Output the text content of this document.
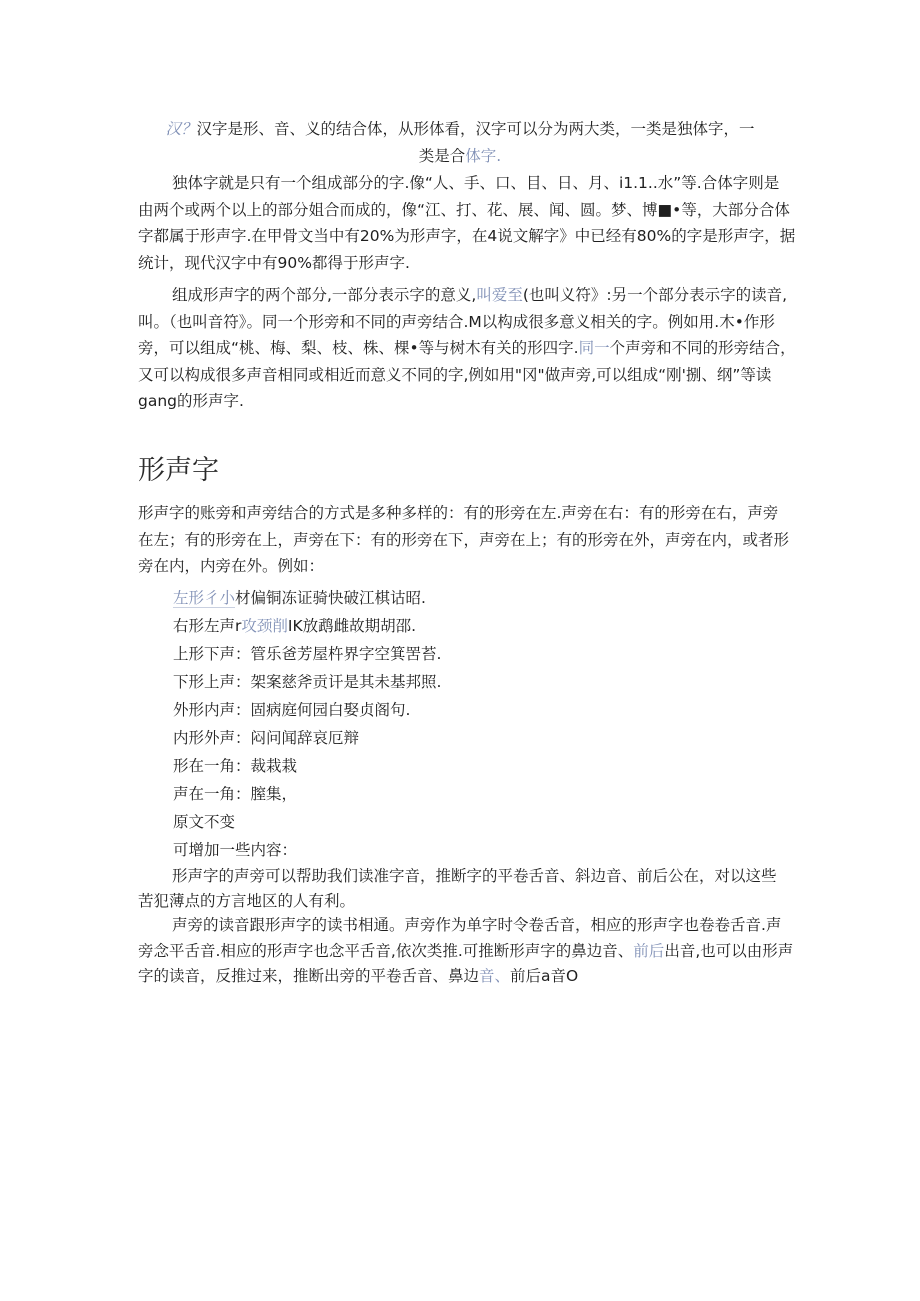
汉？汉字是形、音、义的结合体，从形体看，汉字可以分为两大类，一类是独体字，一
类是合体字.
独体字就是只有一个组成部分的字.像“人、手、口、目、日、月、i1.1..水”等.合体字则是
由两个或两个以上的部分姐合而成的，像“江、打、花、展、闻、圆。梦、博■•等，大部分合体
字都属于形声字.在甲骨文当中有20%为形声字，在4说文解字》中已经有80%的字是形声字，据
统计，现代汉字中有90%都得于形声字.
组成形声字的两个部分,一部分表示字的意义,叫爱至(也叫义符》:另一个部分表示字的读音,
叫。（也叫音符》。同一个形旁和不同的声旁结合.M以构成很多意义相关的字。例如用.木•作形
旁，可以组成“桃、梅、梨、枝、株、棵•等与树木有关的形四字.同一个声旁和不同的形旁结合，
又可以构成很多声音相同或相近而意义不同的字,例如用"冈"做声旁,可以组成“刚'捌、纲”等读
gang的形声字.
形声字
形声字的账旁和声旁结合的方式是多种多样的：有的形旁在左.声旁在右：有的形旁在右，声旁
在左；有的形旁在上，声旁在下：有的形旁在下，声旁在上；有的形旁在外，声旁在内，或者形
旁在内，内旁在外。例如：

左形彳小材偏铜冻证骑快破江棋诂昭.

右形左声r攻颈削IK放鹉雌故期胡邵.

上形下声：管乐爸芳屋杵界字空箕罟苔.

下形上声：架案慈斧贡讦是其未基邦照.

外形内声：固病庭何园白娶贞阁句.

内形外声：闷问闻辞哀厄辩

形在一角：裁栽栽

声在一角：膣集，

原文不变

可增加一些内容：

形声字的声旁可以帮助我们读准字音，推断字的平卷舌音、斜边音、前后公在，对以这些
苦犯薄点的方言地区的人有利。
声旁的读音跟形声字的读书相通。声旁作为单字时令卷舌音，相应的形声字也卷卷舌音.声
旁念平舌音.相应的形声字也念平舌音,依次类推.可推断形声字的鼻边音、前后出音,也可以由形声
字的读音，反推过来，推断出旁的平卷舌音、鼻边音、前后a音O
